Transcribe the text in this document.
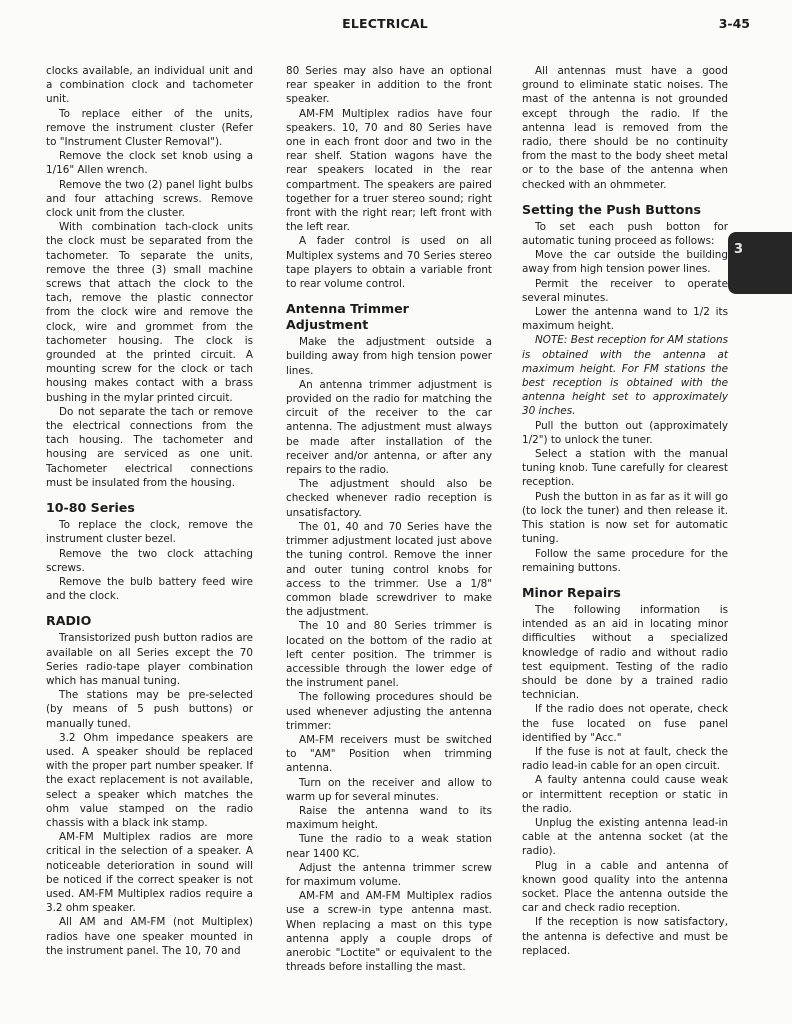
ELECTRICAL	3-45
3

clocks available, an individual unit and a combination clock and tachometer unit.

To replace either of the units, remove the instrument cluster (Refer to "Instrument Cluster Removal").

Remove the clock set knob using a 1/16" Allen wrench.

Remove the two (2) panel light bulbs and four attaching screws. Remove clock unit from the cluster.

With combination tach-clock units the clock must be separated from the tachometer. To separate the units, remove the three (3) small machine screws that attach the clock to the tach, remove the plastic connector from the clock wire and remove the clock, wire and grommet from the tachometer housing. The clock is grounded at the printed circuit. A mounting screw for the clock or tach housing makes contact with a brass bushing in the mylar printed circuit.

Do not separate the tach or remove the electrical connections from the tach housing. The tachometer and housing are serviced as one unit. Tachometer electrical connections must be insulated from the housing.

10-80 Series

To replace the clock, remove the instrument cluster bezel.

Remove the two clock attaching screws.

Remove the bulb battery feed wire and the clock.

RADIO

Transistorized push button radios are available on all Series except the 70 Series radio-tape player combination which has manual tuning.

The stations may be pre-selected (by means of 5 push buttons) or manually tuned.

3.2 Ohm impedance speakers are used. A speaker should be replaced with the proper part number speaker. If the exact replacement is not available, select a speaker which matches the ohm value stamped on the radio chassis with a black ink stamp.

AM-FM Multiplex radios are more critical in the selection of a speaker. A noticeable deterioration in sound will be noticed if the correct speaker is not used. AM-FM Multiplex radios require a 3.2 ohm speaker.

All AM and AM-FM (not Multiplex) radios have one speaker mounted in the instrument panel. The 10, 70 and

80 Series may also have an optional rear speaker in addition to the front speaker.

AM-FM Multiplex radios have four speakers. 10, 70 and 80 Series have one in each front door and two in the rear shelf. Station wagons have the rear speakers located in the rear compartment. The speakers are paired together for a truer stereo sound; right front with the right rear; left front with the left rear.

A fader control is used on all Multiplex systems and 70 Series stereo tape players to obtain a variable front to rear volume control.

Antenna Trimmer Adjustment

Make the adjustment outside a building away from high tension power lines.

An antenna trimmer adjustment is provided on the radio for matching the circuit of the receiver to the car antenna. The adjustment must always be made after installation of the receiver and/or antenna, or after any repairs to the radio.

The adjustment should also be checked whenever radio reception is unsatisfactory.

The 01, 40 and 70 Series have the trimmer adjustment located just above the tuning control. Remove the inner and outer tuning control knobs for access to the trimmer. Use a 1/8" common blade screwdriver to make the adjustment.

The 10 and 80 Series trimmer is located on the bottom of the radio at left center position. The trimmer is accessible through the lower edge of the instrument panel.

The following procedures should be used whenever adjusting the antenna trimmer:

AM-FM receivers must be switched to "AM" Position when trimming antenna.

Turn on the receiver and allow to warm up for several minutes.

Raise the antenna wand to its maximum height.

Tune the radio to a weak station near 1400 KC.

Adjust the antenna trimmer screw for maximum volume.

AM-FM and AM-FM Multiplex radios use a screw-in type antenna mast. When replacing a mast on this type antenna apply a couple drops of anerobic "Loctite" or equivalent to the threads before installing the mast.

All antennas must have a good ground to eliminate static noises. The mast of the antenna is not grounded except through the radio. If the antenna lead is removed from the radio, there should be no continuity from the mast to the body sheet metal or to the base of the antenna when checked with an ohmmeter.

Setting the Push Buttons

To set each push botton for automatic tuning proceed as follows:

Move the car outside the building away from high tension power lines.

Permit the receiver to operate several minutes.

Lower the antenna wand to 1/2 its maximum height.

NOTE: Best reception for AM stations is obtained with the antenna at maximum height. For FM stations the best reception is obtained with the antenna height set to approximately 30 inches.

Pull the button out (approximately 1/2") to unlock the tuner.

Select a station with the manual tuning knob. Tune carefully for clearest reception.

Push the button in as far as it will go (to lock the tuner) and then release it. This station is now set for automatic tuning.

Follow the same procedure for the remaining buttons.

Minor Repairs

The following information is intended as an aid in locating minor difficulties without a specialized knowledge of radio and without radio test equipment. Testing of the radio should be done by a trained radio technician.

If the radio does not operate, check the fuse located on fuse panel identified by "Acc."

If the fuse is not at fault, check the radio lead-in cable for an open circuit.

A faulty antenna could cause weak or intermittent reception or static in the radio.

Unplug the existing antenna lead-in cable at the antenna socket (at the radio).

Plug in a cable and antenna of known good quality into the antenna socket. Place the antenna outside the car and check radio reception.

If the reception is now satisfactory, the antenna is defective and must be replaced.
